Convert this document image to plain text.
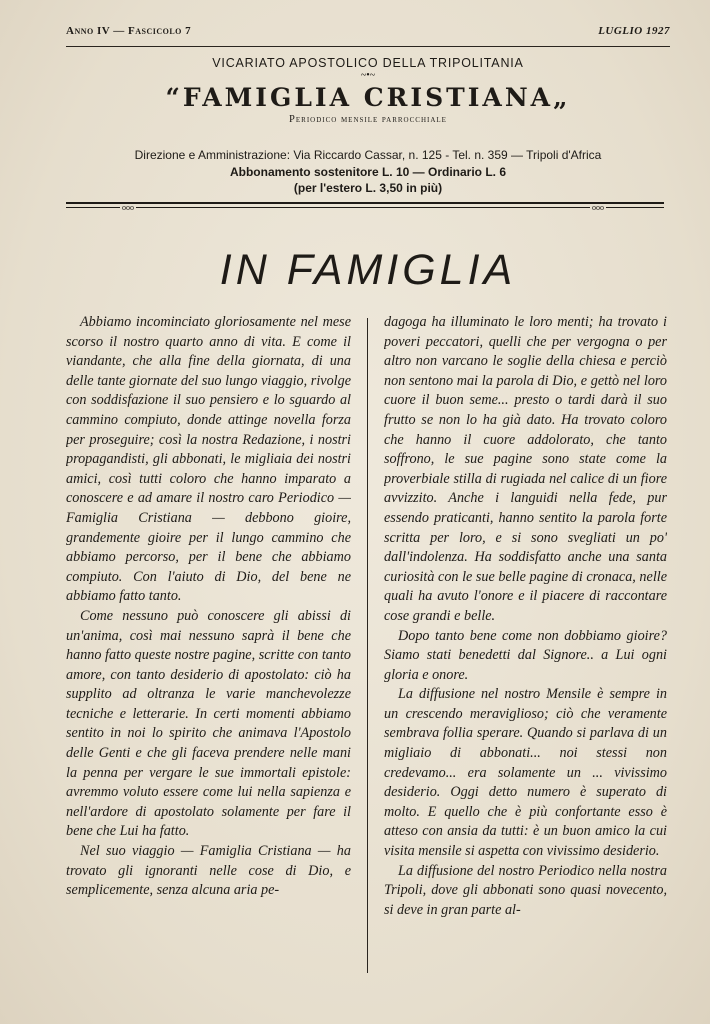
Anno IV — Fascicolo 7	LUGLIO 1927
VICARIATO APOSTOLICO DELLA TRIPOLITANIA
~•~
“FAMIGLIA CRISTIANA„
Periodico mensile parrocchiale
Direzione e Amministrazione: Via Riccardo Cassar, n. 125 - Tel. n. 359 — Tripoli d'Africa
Abbonamento sostenitore L. 10 — Ordinario L. 6
(per l'estero L. 3,50 in più)
ooo	ooo
IN FAMIGLIA

Abbiamo incominciato gloriosamente nel mese scorso il nostro quarto anno di vita. E come il viandante, che alla fine della giornata, di una delle tante giornate del suo lungo viaggio, rivolge con soddisfazione il suo pensiero e lo sguardo al cammino compiuto, donde attinge novella forza per proseguire; così la nostra Redazione, i nostri propagandisti, gli abbonati, le migliaia dei nostri amici, così tutti coloro che hanno imparato a conoscere e ad amare il nostro caro Periodico — Famiglia Cristiana — debbono gioire, grandemente gioire per il lungo cammino che abbiamo percorso, per il bene che abbiamo compiuto. Con l'aiuto di Dio, del bene ne abbiamo fatto tanto.

Come nessuno può conoscere gli abissi di un'anima, così mai nessuno saprà il bene che hanno fatto queste nostre pagine, scritte con tanto amore, con tanto desiderio di apostolato: ciò ha supplito ad oltranza le varie manchevolezze tecniche e letterarie. In certi momenti abbiamo sentito in noi lo spirito che animava l'Apostolo delle Genti e che gli faceva prendere nelle mani la penna per vergare le sue immortali epistole: avremmo voluto essere come lui nella sapienza e nell'ardore di apostolato solamente per fare il bene che Lui ha fatto.

Nel suo viaggio — Famiglia Cristiana — ha trovato gli ignoranti nelle cose di Dio, e semplicemente, senza alcuna aria pe-

dagoga ha illuminato le loro menti; ha trovato i poveri peccatori, quelli che per vergogna o per altro non varcano le soglie della chiesa e perciò non sentono mai la parola di Dio, e gettò nel loro cuore il buon seme... presto o tardi darà il suo frutto se non lo ha già dato. Ha trovato coloro che hanno il cuore addolorato, che tanto soffrono, le sue pagine sono state come la proverbiale stilla di rugiada nel calice di un fiore avvizzito. Anche i languidi nella fede, pur essendo praticanti, hanno sentito la parola forte scritta per loro, e si sono svegliati un po' dall'indolenza. Ha soddisfatto anche una santa curiosità con le sue belle pagine di cronaca, nelle quali ha avuto l'onore e il piacere di raccontare cose grandi e belle.

Dopo tanto bene come non dobbiamo gioire? Siamo stati benedetti dal Signore.. a Lui ogni gloria e onore.

La diffusione nel nostro Mensile è sempre in un crescendo meraviglioso; ciò che veramente sembrava follia sperare. Quando si parlava di un migliaio di abbonati... noi stessi non credevamo... era solamente un ... vivissimo desiderio. Oggi detto numero è superato di molto. E quello che è più confortante esso è atteso con ansia da tutti: è un buon amico la cui visita mensile si aspetta con vivissimo desiderio.

La diffusione del nostro Periodico nella nostra Tripoli, dove gli abbonati sono quasi novecento, si deve in gran parte al-
